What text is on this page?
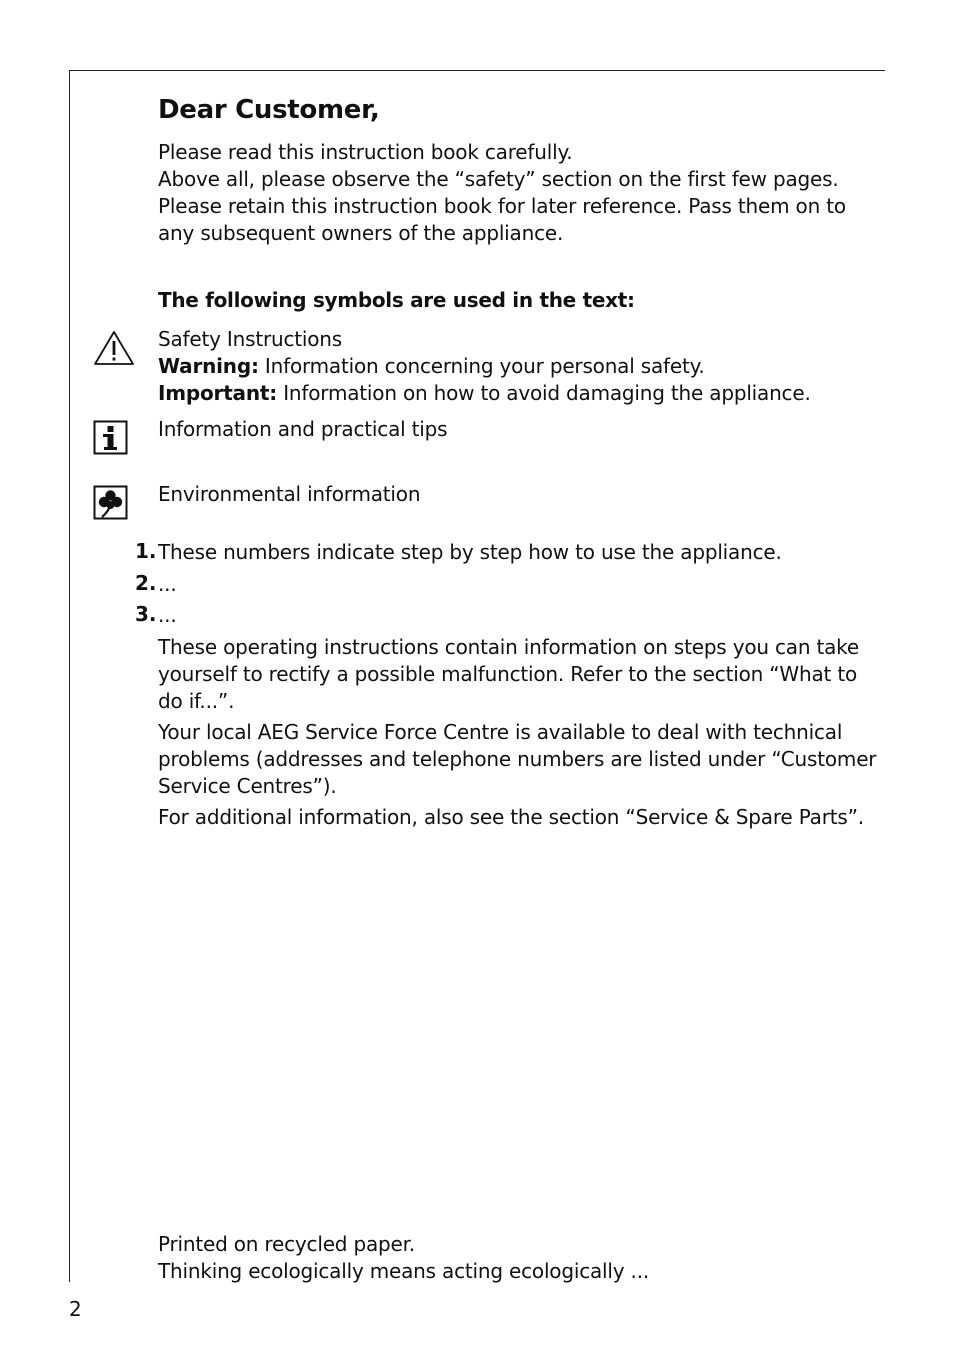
Dear Customer,
Please read this instruction book carefully.
Above all, please observe the “safety” section on the first few pages.
Please retain this instruction book for later reference. Pass them on to
any subsequent owners of the appliance.
The following symbols are used in the text:
Safety Instructions
Warning: Information concerning your personal safety.
Important: Information on how to avoid damaging the appliance.
Information and practical tips
Environmental information
1. These numbers indicate step by step how to use the appliance.
2. ...
3. ...
These operating instructions contain information on steps you can take
yourself to rectify a possible malfunction. Refer to the section “What to
do if...”.
Your local AEG Service Force Centre is available to deal with technical
problems (addresses and telephone numbers are listed under “Customer
Service Centres”).
For additional information, also see the section “Service & Spare Parts”.
Printed on recycled paper.
Thinking ecologically means acting ecologically ...
2
